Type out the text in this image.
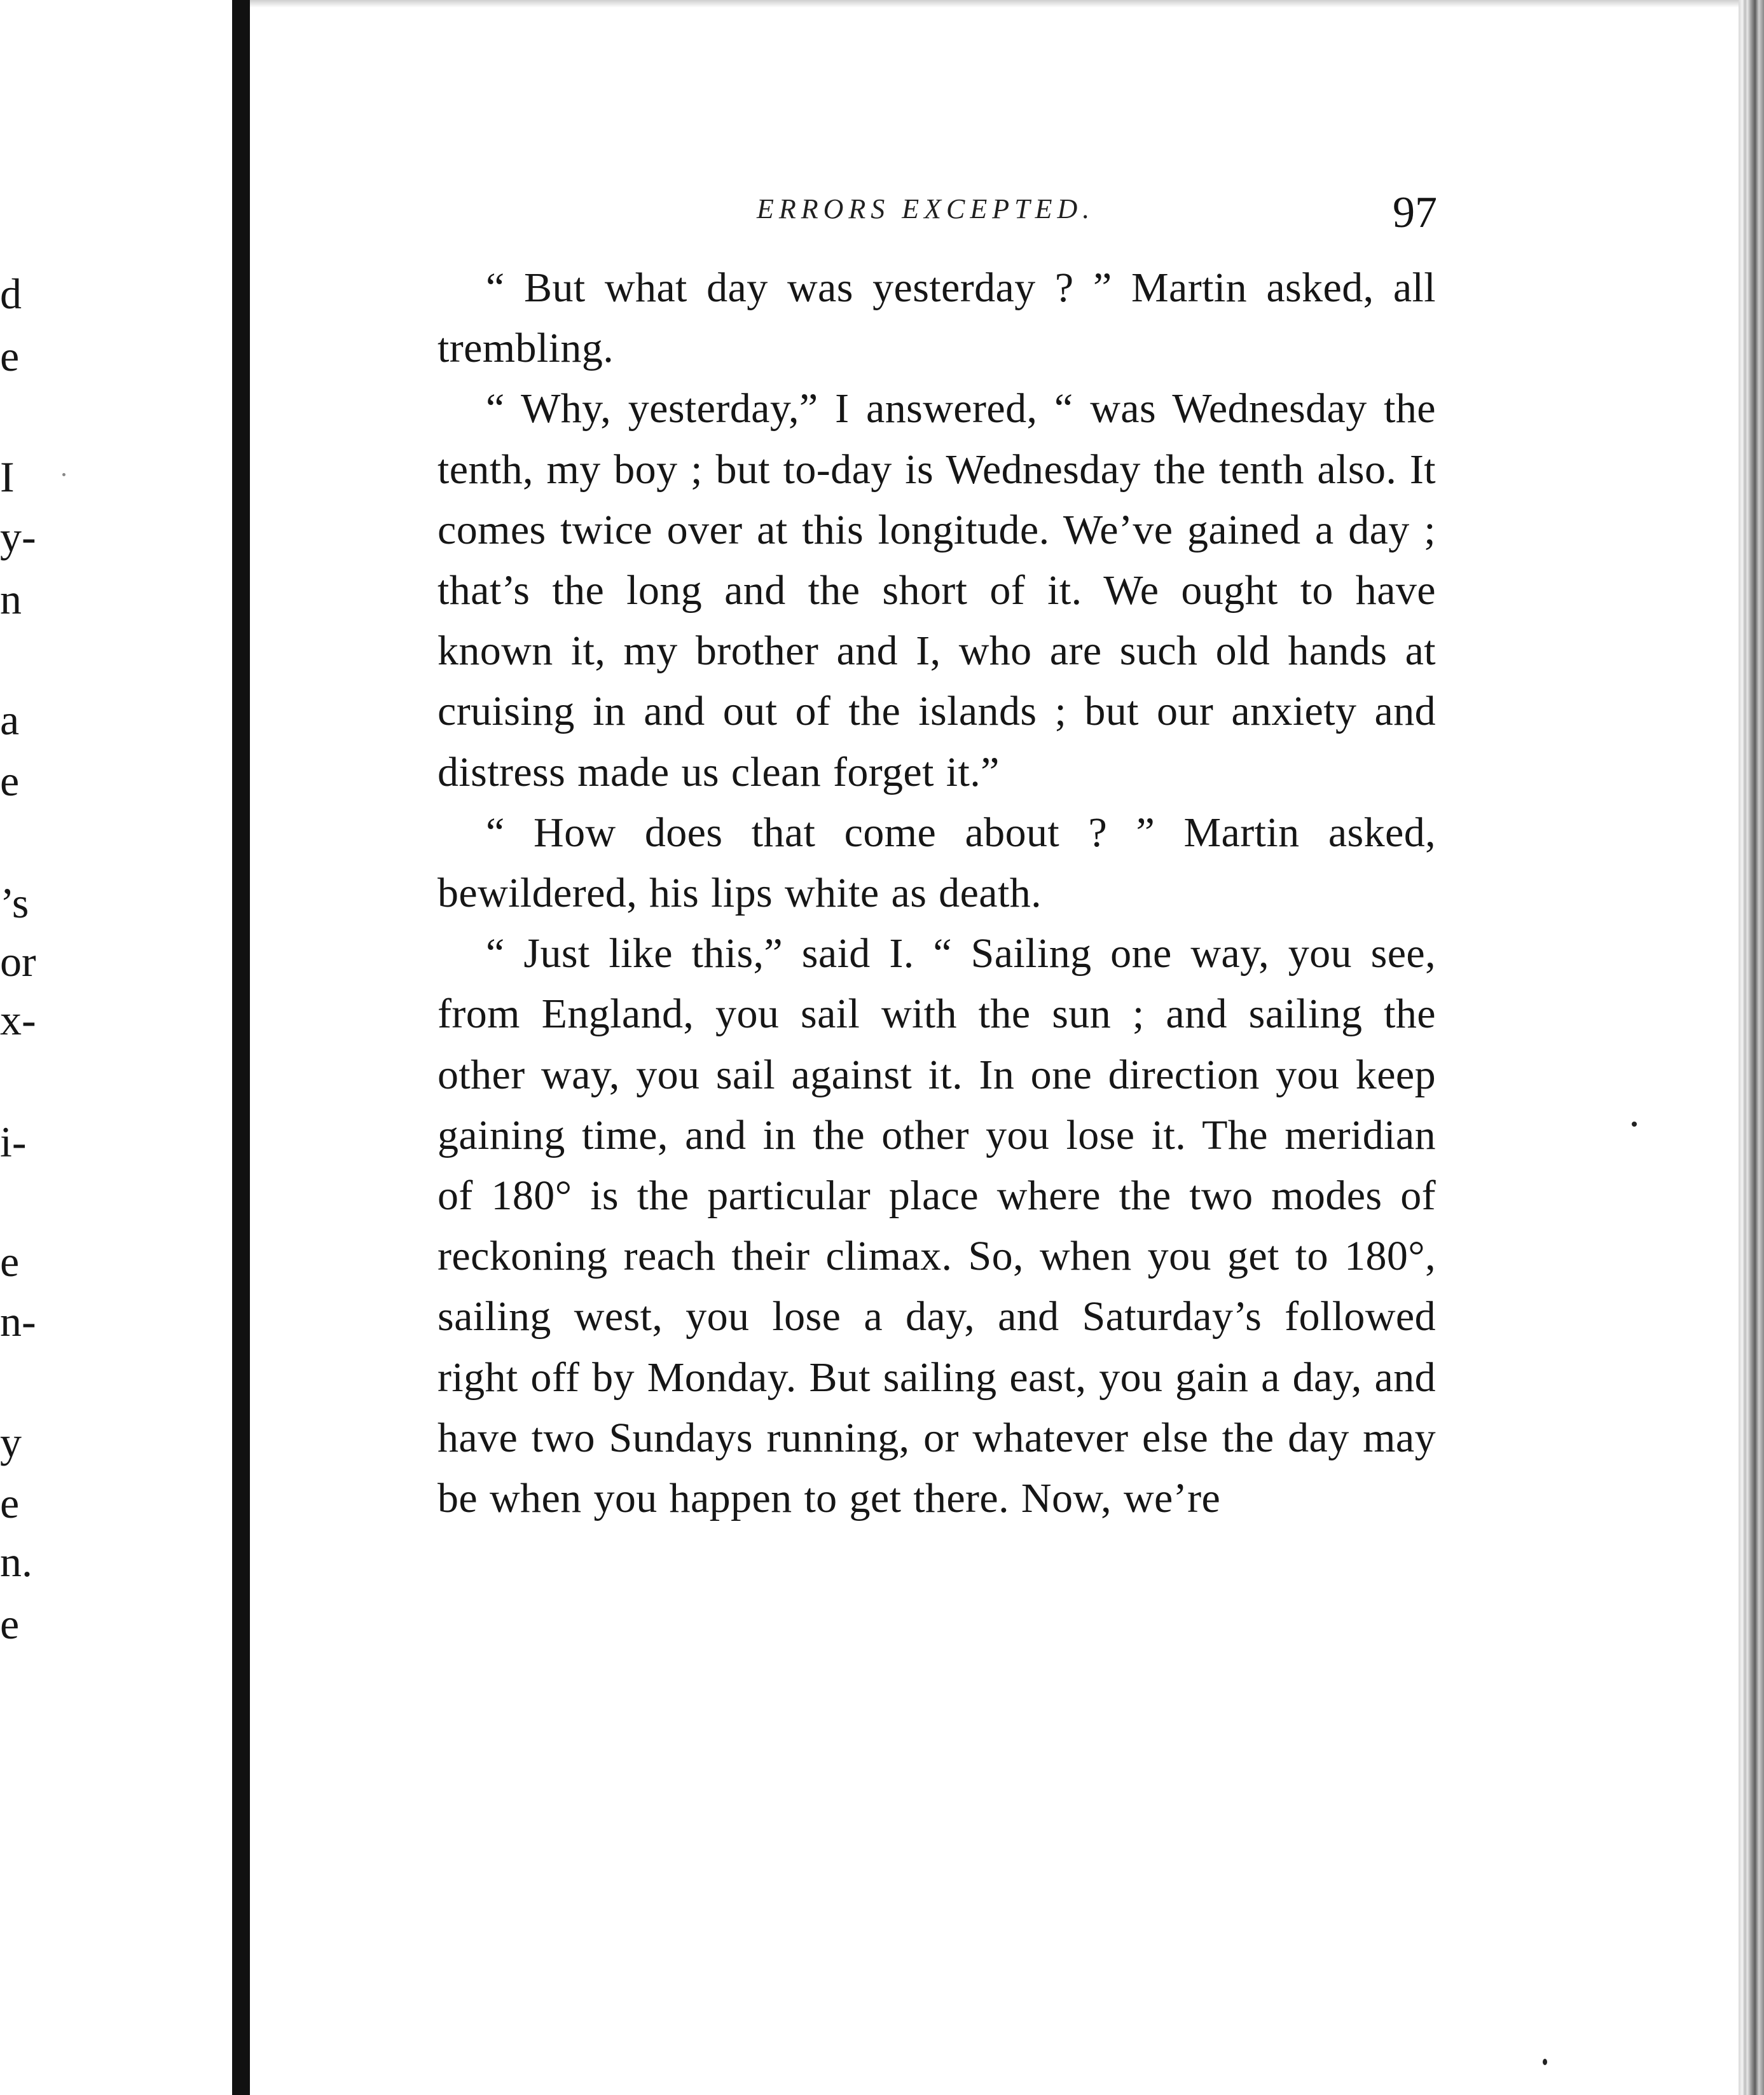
d
e
I
y-
n
a
e
’s
or
x-
i-
e
n-
y
e
n.
e
ERRORS EXCEPTED.	97

“ But what day was yesterday ? ” Martin asked, all trembling.

“ Why, yesterday,” I answered, “ was Wednesday the tenth, my boy ; but to-day is Wednesday the tenth also. It comes twice over at this longitude. We’ve gained a day ; that’s the long and the short of it. We ought to have known it, my brother and I, who are such old hands at cruising in and out of the islands ; but our anxiety and distress made us clean forget it.”

“ How does that come about ? ” Martin asked, bewildered, his lips white as death.

“ Just like this,” said I. “ Sailing one way, you see, from England, you sail with the sun ; and sailing the other way, you sail against it. In one direction you keep gaining time, and in the other you lose it. The meridian of 180° is the particular place where the two modes of reckoning reach their climax. So, when you get to 180°, sailing west, you lose a day, and Saturday’s followed right off by Monday. But sailing east, you gain a day, and have two Sundays running, or whatever else the day may be when you happen to get there. Now, we’re
